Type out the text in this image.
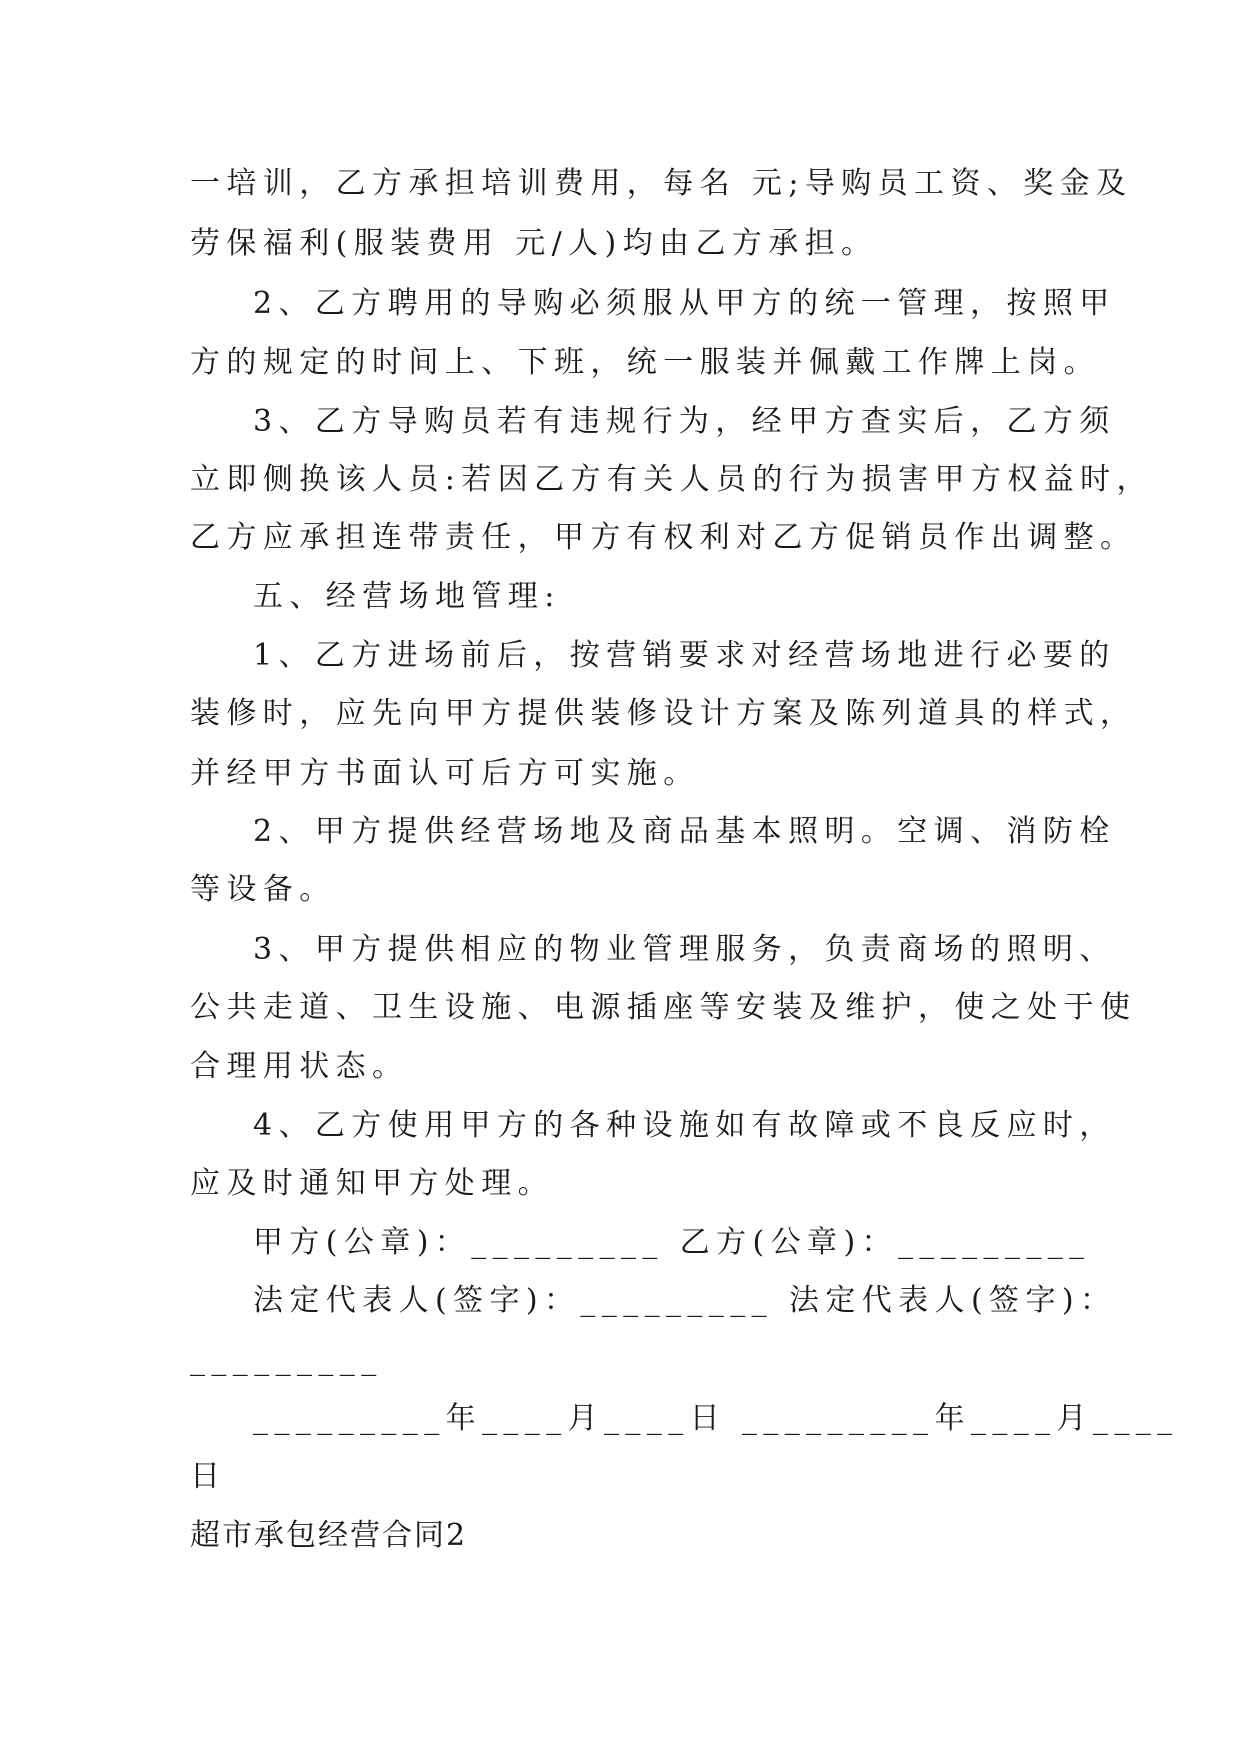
一培训，乙方承担培训费用，每名 元;导购员工资、奖金及
劳保福利(服装费用 元/人)均由乙方承担。
2、乙方聘用的导购必须服从甲方的统一管理，按照甲
方的规定的时间上、下班，统一服装并佩戴工作牌上岗。
3、乙方导购员若有违规行为，经甲方查实后，乙方须
立即侧换该人员:若因乙方有关人员的行为损害甲方权益时，
乙方应承担连带责任，甲方有权利对乙方促销员作出调整。
五、经营场地管理:
1、乙方进场前后，按营销要求对经营场地进行必要的
装修时，应先向甲方提供装修设计方案及陈列道具的样式，
并经甲方书面认可后方可实施。
2、甲方提供经营场地及商品基本照明。空调、消防栓
等设备。
3、甲方提供相应的物业管理服务，负责商场的照明、
公共走道、卫生设施、电源插座等安装及维护，使之处于使
合理用状态。
4、乙方使用甲方的各种设施如有故障或不良反应时，
应及时通知甲方处理。
甲方(公章)：_________ 乙方(公章)：_________
法定代表人(签字)：_________ 法定代表人(签字)：
_________
_________年____月____日 _________年____月____
日
超市承包经营合同2
